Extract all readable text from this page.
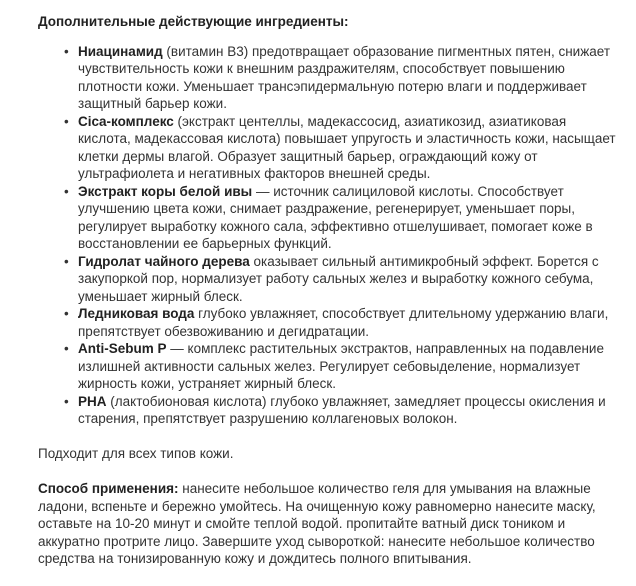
Дополнительные действующие ингредиенты:
• Ниацинамид (витамин B3) предотвращает образование пигментных пятен, снижает чувствительность кожи к внешним раздражителям, способствует повышению плотности кожи. Уменьшает трансэпидермальную потерю влаги и поддерживает защитный барьер кожи.
• Cica-комплекс (экстракт центеллы, мадекассосид, азиатикозид, азиатиковая кислота, мадекассовая кислота) повышает упругость и эластичность кожи, насыщает клетки дермы влагой. Образует защитный барьер, ограждающий кожу от ультрафиолета и негативных факторов внешней среды.
• Экстракт коры белой ивы — источник салициловой кислоты. Способствует улучшению цвета кожи, снимает раздражение, регенерирует, уменьшает поры, регулирует выработку кожного сала, эффективно отшелушивает, помогает коже в восстановлении ее барьерных функций.
• Гидролат чайного дерева оказывает сильный антимикробный эффект. Борется с закупоркой пор, нормализует работу сальных желез и выработку кожного себума, уменьшает жирный блеск.
• Ледниковая вода глубоко увлажняет, способствует длительному удержанию влаги, препятствует обезвоживанию и дегидратации.
• Anti-Sebum P — комплекс растительных экстрактов, направленных на подавление излишней активности сальных желез. Регулирует себовыделение, нормализует жирность кожи, устраняет жирный блеск.
• PHA (лактобионовая кислота) глубоко увлажняет, замедляет процессы окисления и старения, препятствует разрушению коллагеновых волокон.

Подходит для всех типов кожи.

Способ применения: нанесите небольшое количество геля для умывания на влажные ладони, вспеньте и бережно умойтесь. На очищенную кожу равномерно нанесите маску, оставьте на 10-20 минут и смойте теплой водой. пропитайте ватный диск тоником и аккуратно протрите лицо. Завершите уход сывороткой: нанесите небольшое количество средства на тонизированную кожу и дождитесь полного впитывания.
